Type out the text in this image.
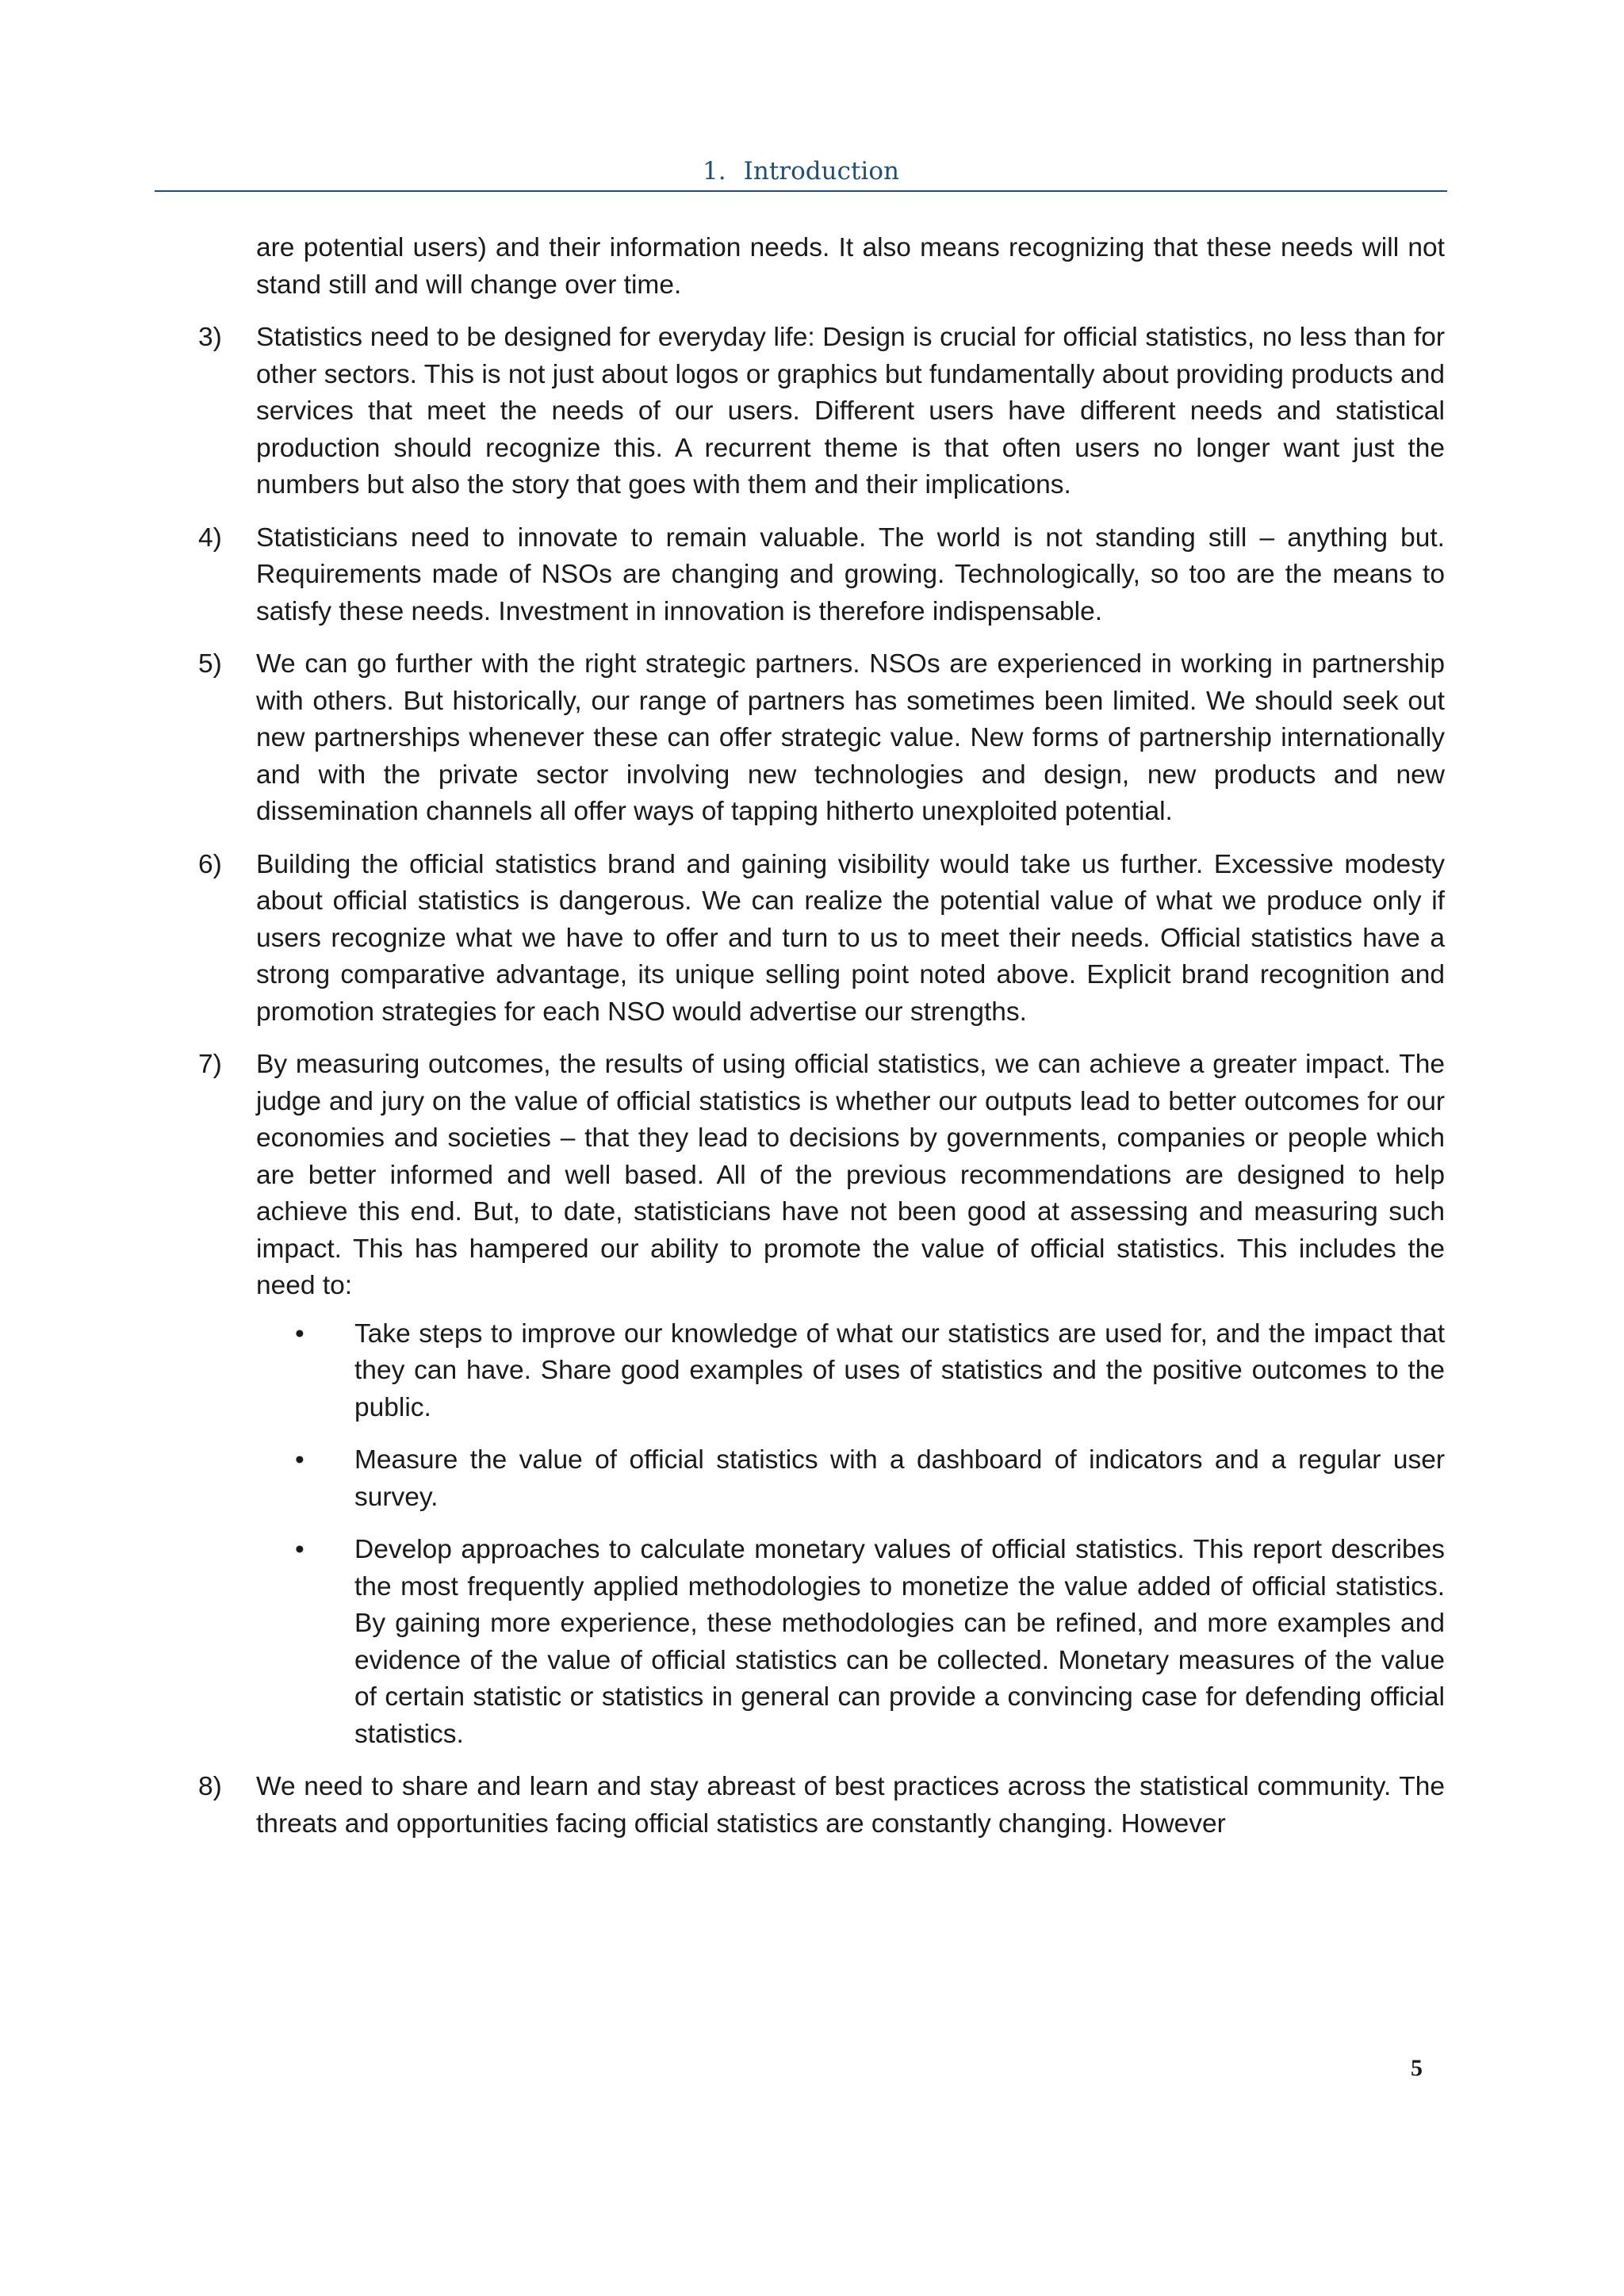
1. Introduction

are potential users) and their information needs. It also means recognizing that these needs will not stand still and will change over time.

3) Statistics need to be designed for everyday life: Design is crucial for official statistics, no less than for other sectors. This is not just about logos or graphics but fundamentally about providing products and services that meet the needs of our users. Different users have different needs and statistical production should recognize this. A recurrent theme is that often users no longer want just the numbers but also the story that goes with them and their implications.

4) Statisticians need to innovate to remain valuable. The world is not standing still – anything but. Requirements made of NSOs are changing and growing. Technologically, so too are the means to satisfy these needs. Investment in innovation is therefore indispensable.

5) We can go further with the right strategic partners. NSOs are experienced in working in partnership with others. But historically, our range of partners has sometimes been limited. We should seek out new partnerships whenever these can offer strategic value. New forms of partnership internationally and with the private sector involving new technologies and design, new products and new dissemination channels all offer ways of tapping hitherto unexploited potential.

6) Building the official statistics brand and gaining visibility would take us further. Excessive modesty about official statistics is dangerous. We can realize the potential value of what we produce only if users recognize what we have to offer and turn to us to meet their needs. Official statistics have a strong comparative advantage, its unique selling point noted above. Explicit brand recognition and promotion strategies for each NSO would advertise our strengths.

7) By measuring outcomes, the results of using official statistics, we can achieve a greater impact. The judge and jury on the value of official statistics is whether our outputs lead to better outcomes for our economies and societies – that they lead to decisions by governments, companies or people which are better informed and well based. All of the previous recommendations are designed to help achieve this end. But, to date, statisticians have not been good at assessing and measuring such impact. This has hampered our ability to promote the value of official statistics. This includes the need to:

• Take steps to improve our knowledge of what our statistics are used for, and the impact that they can have. Share good examples of uses of statistics and the positive outcomes to the public.
• Measure the value of official statistics with a dashboard of indicators and a regular user survey.
• Develop approaches to calculate monetary values of official statistics. This report describes the most frequently applied methodologies to monetize the value added of official statistics. By gaining more experience, these methodologies can be refined, and more examples and evidence of the value of official statistics can be collected. Monetary measures of the value of certain statistic or statistics in general can provide a convincing case for defending official statistics.

8) We need to share and learn and stay abreast of best practices across the statistical community. The threats and opportunities facing official statistics are constantly changing. However

5
